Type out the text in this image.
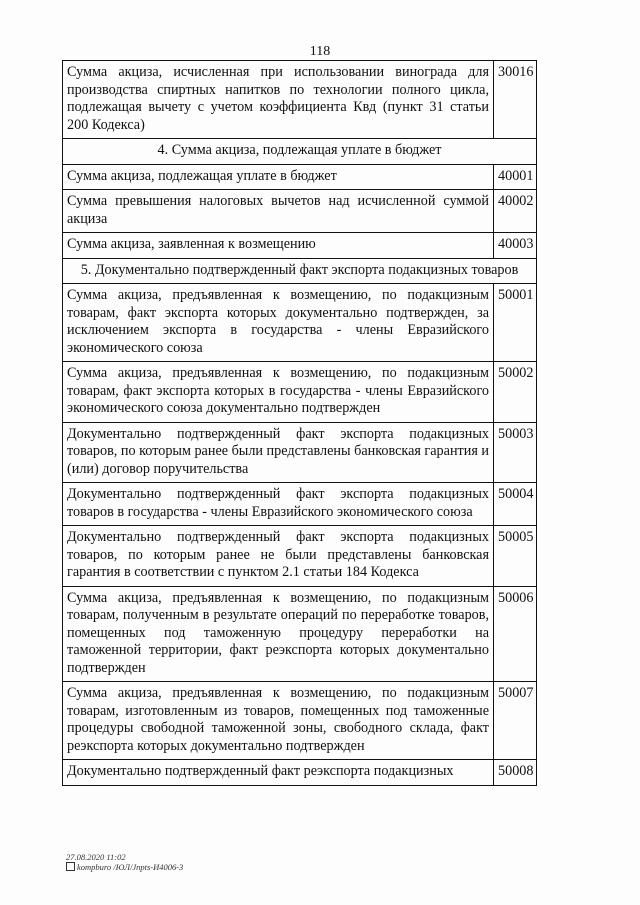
118
Сумма акциза, исчисленная при использовании винограда для производства спиртных напитков по технологии полного цикла, подлежащая вычету с учетом коэффициента Квд (пункт 31 статьи 200 Кодекса)	30016
4. Сумма акциза, подлежащая уплате в бюджет	
Сумма акциза, подлежащая уплате в бюджет	40001
Сумма превышения налоговых вычетов над исчисленной суммой акциза	40002
Сумма акциза, заявленная к возмещению	40003
5. Документально подтвержденный факт экспорта подакцизных товаров	
Сумма акциза, предъявленная к возмещению, по подакцизным товарам, факт экспорта которых документально подтвержден, за исключением экспорта в государства - члены Евразийского экономического союза	50001
Сумма акциза, предъявленная к возмещению, по подакцизным товарам, факт экспорта которых в государства - члены Евразийского экономического союза документально подтвержден	50002
Документально подтвержденный факт экспорта подакцизных товаров, по которым ранее были представлены банковская гарантия и (или) договор поручительства	50003
Документально подтвержденный факт экспорта подакцизных товаров в государства - члены Евразийского экономического союза	50004
Документально подтвержденный факт экспорта подакцизных товаров, по которым ранее не были представлены банковская гарантия в соответствии с пунктом 2.1 статьи 184 Кодекса	50005
Сумма акциза, предъявленная к возмещению, по подакцизным товарам, полученным в результате операций по переработке товаров, помещенных под таможенную процедуру переработки на таможенной территории, факт реэкспорта которых документально подтвержден	50006
Сумма акциза, предъявленная к возмещению, по подакцизным товарам, изготовленным из товаров, помещенных под таможенные процедуры свободной таможенной зоны, свободного склада, факт реэкспорта которых документально подтвержден	50007
Документально подтвержденный факт реэкспорта подакцизных	50008
27.08.2020 11:02
kompburo /ЮЛ/Jnpts-И4006-3
